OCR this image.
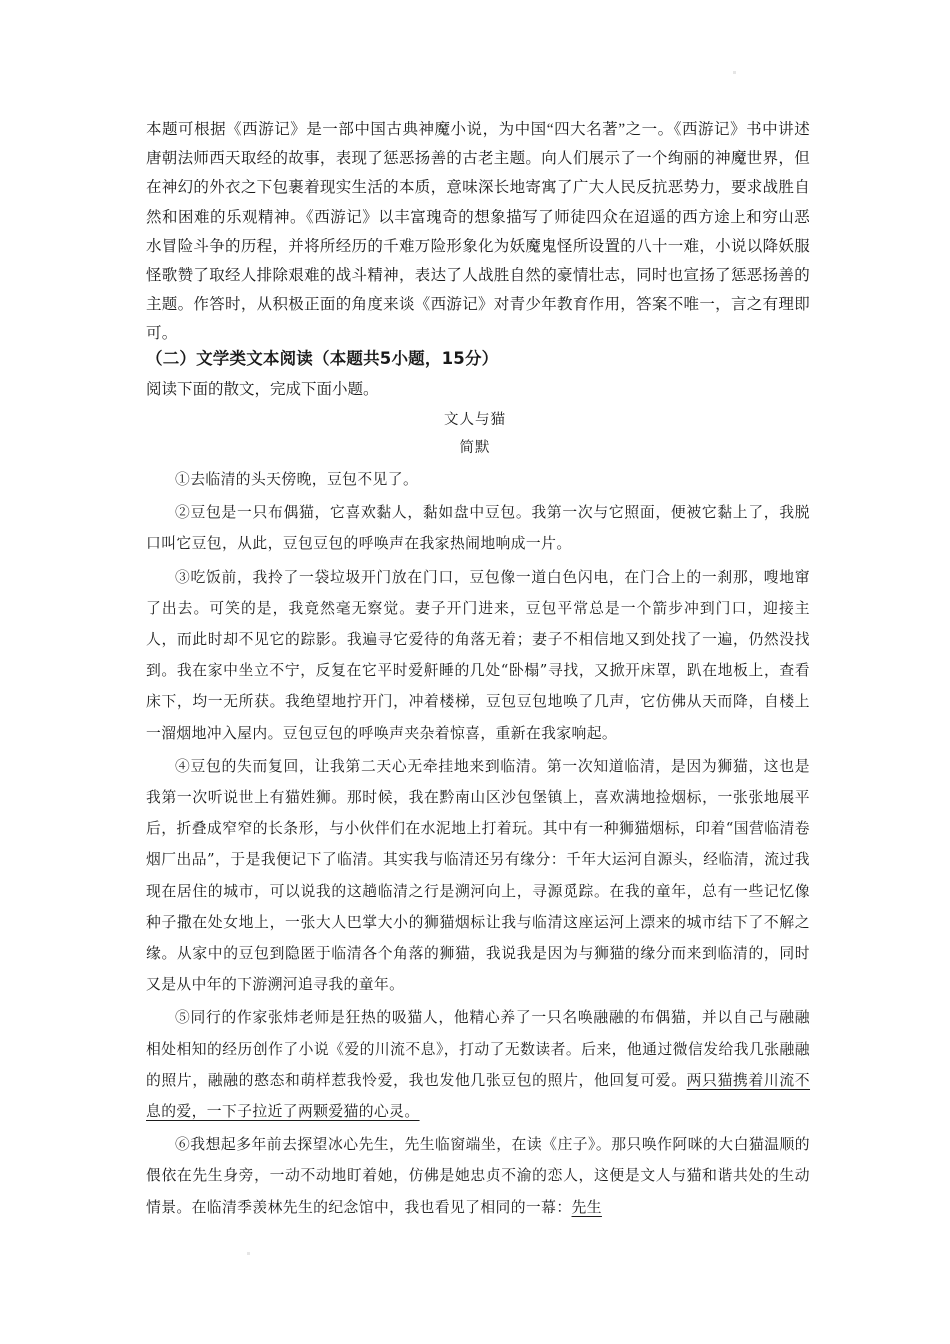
本题可根据《西游记》是一部中国古典神魔小说，为中国“四大名著”之一。《西游记》书中讲述唐朝法师西天取经的故事，表现了惩恶扬善的古老主题。向人们展示了一个绚丽的神魔世界，但在神幻的外衣之下包裹着现实生活的本质，意味深长地寄寓了广大人民反抗恶势力，要求战胜自然和困难的乐观精神。《西游记》以丰富瑰奇的想象描写了师徒四众在迢遥的西方途上和穷山恶水冒险斗争的历程，并将所经历的千难万险形象化为妖魔鬼怪所设置的八十一难，小说以降妖服怪歌赞了取经人排除艰难的战斗精神，表达了人战胜自然的豪情壮志，同时也宣扬了惩恶扬善的主题。作答时，从积极正面的角度来谈《西游记》对青少年教育作用，答案不唯一，言之有理即可。
（二）文学类文本阅读（本题共5小题，15分）
阅读下面的散文，完成下面小题。
文人与猫
简默

①去临清的头天傍晚，豆包不见了。

②豆包是一只布偶猫，它喜欢黏人，黏如盘中豆包。我第一次与它照面，便被它黏上了，我脱口叫它豆包，从此，豆包豆包的呼唤声在我家热闹地响成一片。

③吃饭前，我拎了一袋垃圾开门放在门口，豆包像一道白色闪电，在门合上的一刹那，嗖地窜了出去。可笑的是，我竟然毫无察觉。妻子开门进来，豆包平常总是一个箭步冲到门口，迎接主人，而此时却不见它的踪影。我遍寻它爱待的角落无着；妻子不相信地又到处找了一遍，仍然没找到。我在家中坐立不宁，反复在它平时爱鼾睡的几处“卧榻”寻找，又掀开床罩，趴在地板上，查看床下，均一无所获。我绝望地拧开门，冲着楼梯，豆包豆包地唤了几声，它仿佛从天而降，自楼上一溜烟地冲入屋内。豆包豆包的呼唤声夹杂着惊喜，重新在我家响起。

④豆包的失而复回，让我第二天心无牵挂地来到临清。第一次知道临清，是因为狮猫，这也是我第一次听说世上有猫姓狮。那时候，我在黔南山区沙包堡镇上，喜欢满地捡烟标，一张张地展平后，折叠成窄窄的长条形，与小伙伴们在水泥地上打着玩。其中有一种狮猫烟标，印着“国营临清卷烟厂出品”，于是我便记下了临清。其实我与临清还另有缘分：千年大运河自源头，经临清，流过我现在居住的城市，可以说我的这趟临清之行是溯河向上，寻源觅踪。在我的童年，总有一些记忆像种子撒在处女地上，一张大人巴掌大小的狮猫烟标让我与临清这座运河上漂来的城市结下了不解之缘。从家中的豆包到隐匿于临清各个角落的狮猫，我说我是因为与狮猫的缘分而来到临清的，同时又是从中年的下游溯河追寻我的童年。

⑤同行的作家张炜老师是狂热的吸猫人，他精心养了一只名唤融融的布偶猫，并以自己与融融相处相知的经历创作了小说《爱的川流不息》，打动了无数读者。后来，他通过微信发给我几张融融的照片，融融的憨态和萌样惹我怜爱，我也发他几张豆包的照片，他回复可爱。两只猫携着川流不息的爱，一下子拉近了两颗爱猫的心灵。

⑥我想起多年前去探望冰心先生，先生临窗端坐，在读《庄子》。那只唤作阿咪的大白猫温顺的偎依在先生身旁，一动不动地盯着她，仿佛是她忠贞不渝的恋人，这便是文人与猫和谐共处的生动情景。在临清季羡林先生的纪念馆中，我也看见了相同的一幕：先生
